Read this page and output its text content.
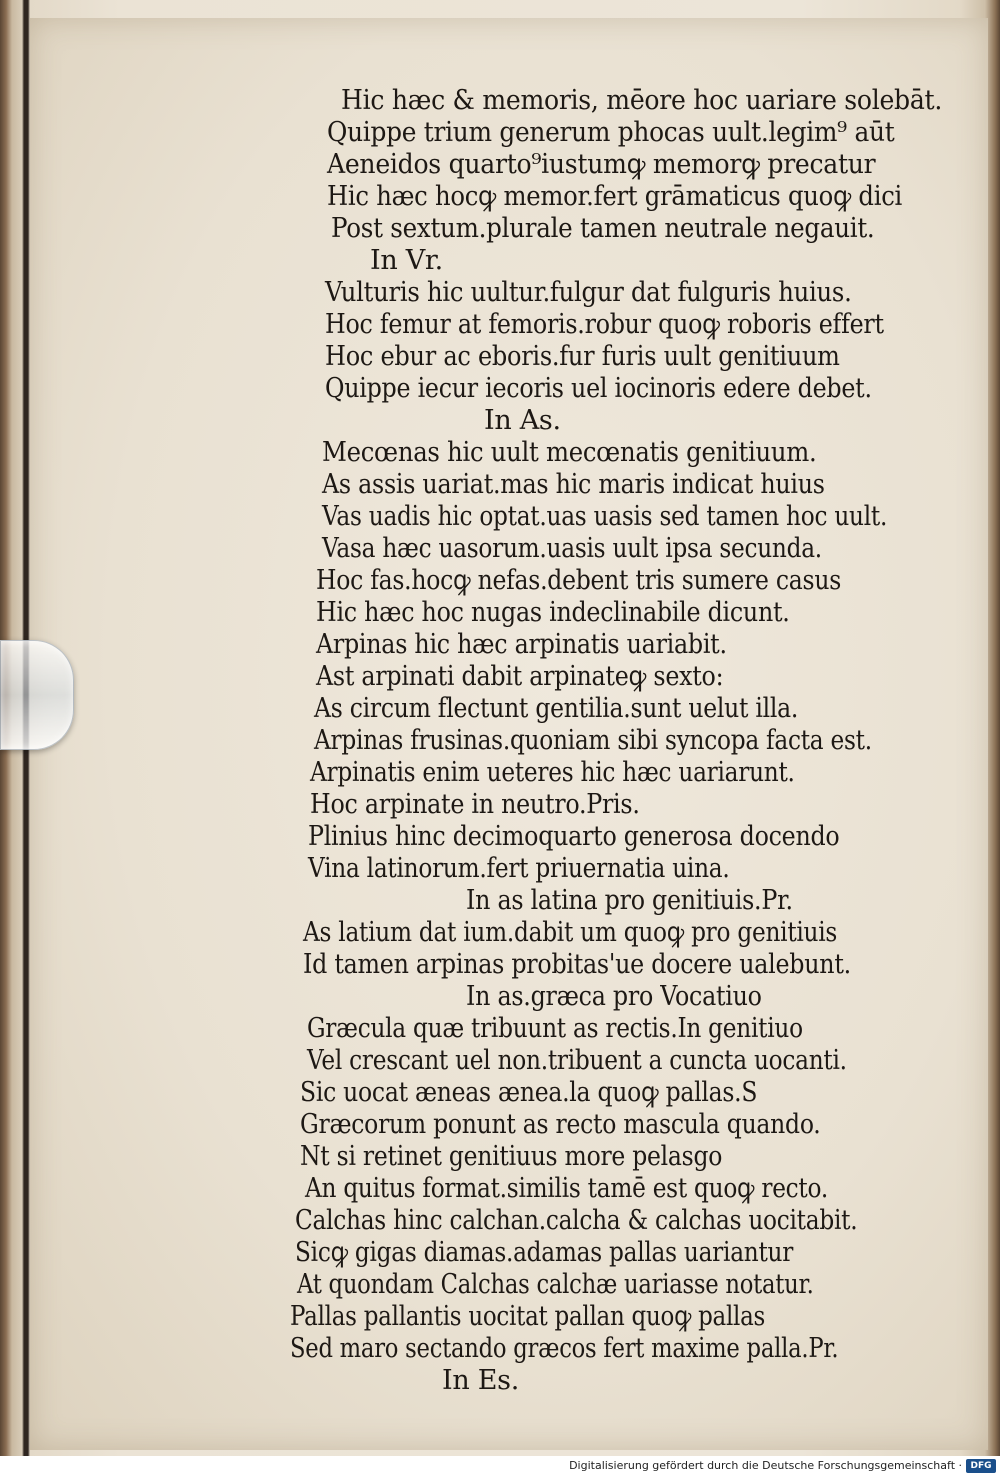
Hic hæc & memoris, mēore hoc uariare solebāt.
Quippe trium generum phocas uult.legim⁹ aūt
Aeneidos quarto⁹iustumꝙ memorꝙ precatur
Hic hæc hocꝙ memor.fert grāmaticus quoꝙ dici
Post sextum.plurale tamen neutrale negauit.
In Vr.
Vulturis hic uultur.fulgur dat fulguris huius.
Hoc femur at femoris.robur quoꝙ roboris effert
Hoc ebur ac eboris.fur furis uult genitiuum
Quippe iecur iecoris uel iocinoris edere debet.
In As.
Mecœnas hic uult mecœnatis genitiuum.
As assis uariat.mas hic maris indicat huius
Vas uadis hic optat.uas uasis sed tamen hoc uult.
Vasa hæc uasorum.uasis uult ipsa secunda.
Hoc fas.hocꝙ nefas.debent tris sumere casus
Hic hæc hoc nugas indeclinabile dicunt.
Arpinas hic hæc arpinatis uariabit.
Ast arpinati dabit arpinateꝙ sexto:
As circum flectunt gentilia.sunt uelut illa.
Arpinas frusinas.quoniam sibi syncopa facta est.
Arpinatis enim ueteres hic hæc uariarunt.
Hoc arpinate in neutro.Pris.
Plinius hinc decimoquarto generosa docendo
Vina latinorum.fert priuernatia uina.
In as latina pro genitiuis.Pr.
As latium dat ium.dabit um quoꝙ pro genitiuis
Id tamen arpinas probitas'ue docere ualebunt.
In as.græca pro Vocatiuo
Græcula quæ tribuunt as rectis.In genitiuo
Vel crescant uel non.tribuent a cuncta uocanti.
Sic uocat æneas ænea.la quoꝙ pallas.S
Græcorum ponunt as recto mascula quando.
Nt si retinet genitiuus more pelasgo
An quitus format.similis tamē est quoꝙ recto.
Calchas hinc calchan.calcha & calchas uocitabit.
Sicꝙ gigas diamas.adamas pallas uariantur
At quondam Calchas calchæ uariasse notatur.
Pallas pallantis uocitat pallan quoꝙ pallas
Sed maro sectando græcos fert maxime palla.Pr.
In Es.
Digitalisierung gefördert durch die Deutsche Forschungsgemeinschaft · DFG
